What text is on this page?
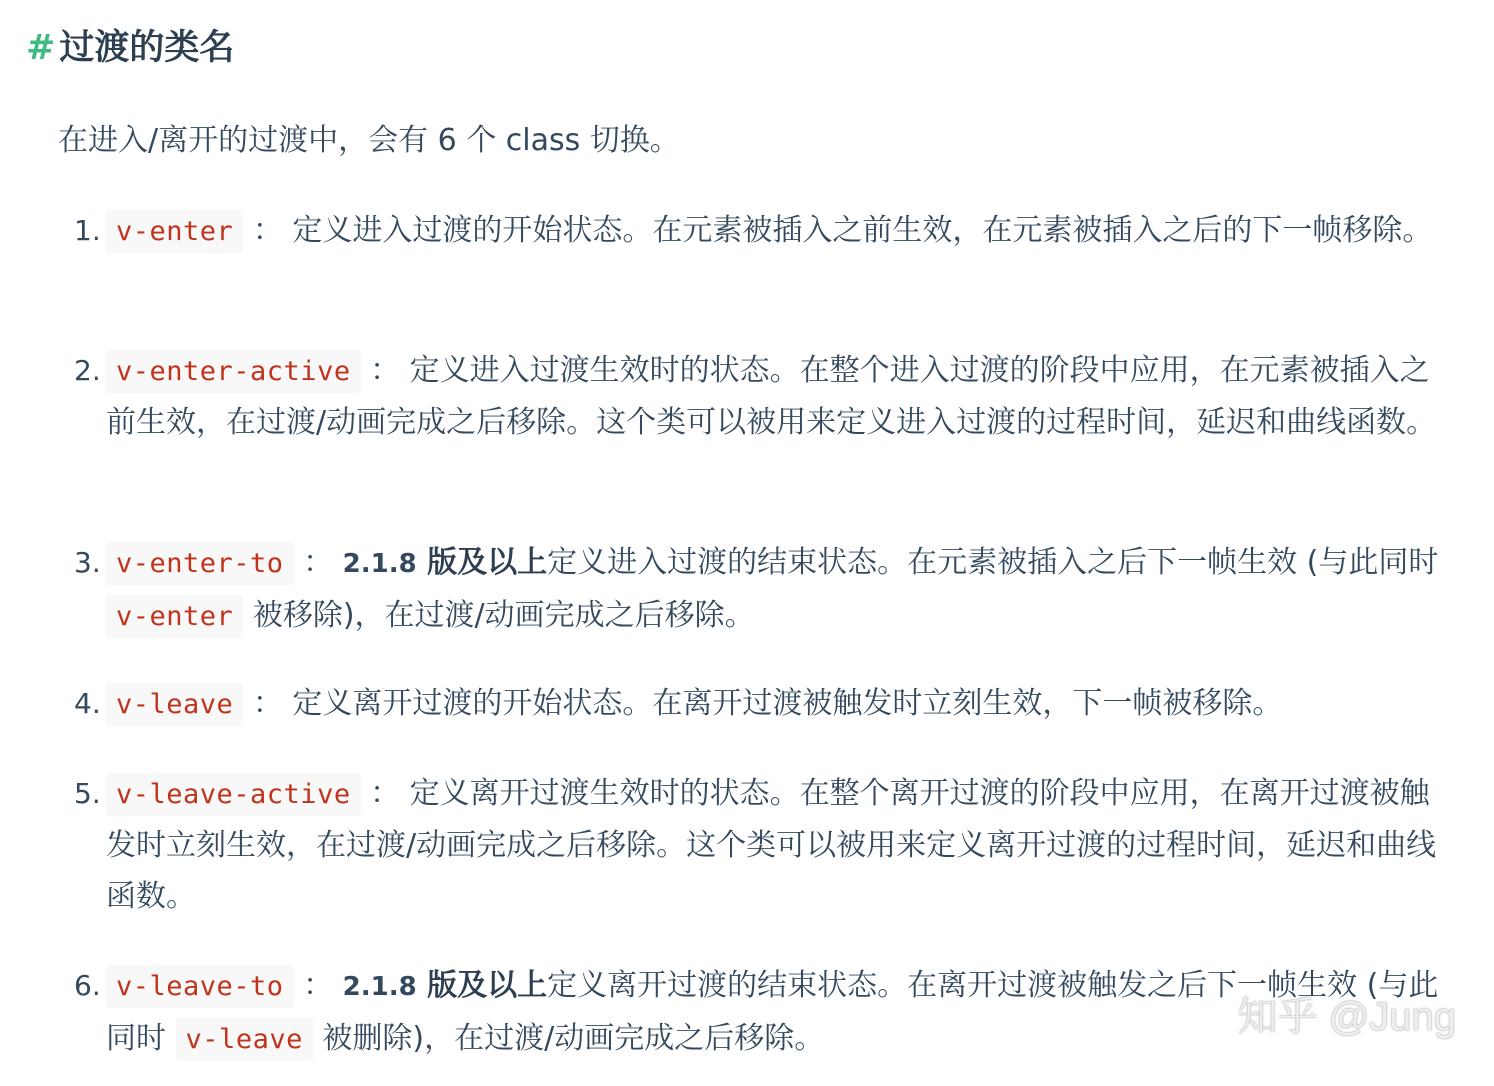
# 过渡的类名

在进入/离开的过渡中，会有 6 个 class 切换。

1. v-enter ： 定义进入过渡的开始状态。在元素被插入之前生效，在元素被插入之后的下一帧移除。
2. v-enter-active ： 定义进入过渡生效时的状态。在整个进入过渡的阶段中应用，在元素被插入之前生效，在过渡/动画完成之后移除。这个类可以被用来定义进入过渡的过程时间，延迟和曲线函数。
3. v-enter-to ： 2.1.8 版及以上定义进入过渡的结束状态。在元素被插入之后下一帧生效 (与此同时 v-enter 被移除)，在过渡/动画完成之后移除。
4. v-leave ： 定义离开过渡的开始状态。在离开过渡被触发时立刻生效，下一帧被移除。
5. v-leave-active ： 定义离开过渡生效时的状态。在整个离开过渡的阶段中应用，在离开过渡被触发时立刻生效，在过渡/动画完成之后移除。这个类可以被用来定义离开过渡的过程时间，延迟和曲线函数。
6. v-leave-to ： 2.1.8 版及以上定义离开过渡的结束状态。在离开过渡被触发之后下一帧生效 (与此同时 v-leave 被删除)，在过渡/动画完成之后移除。	知乎 @Jung
